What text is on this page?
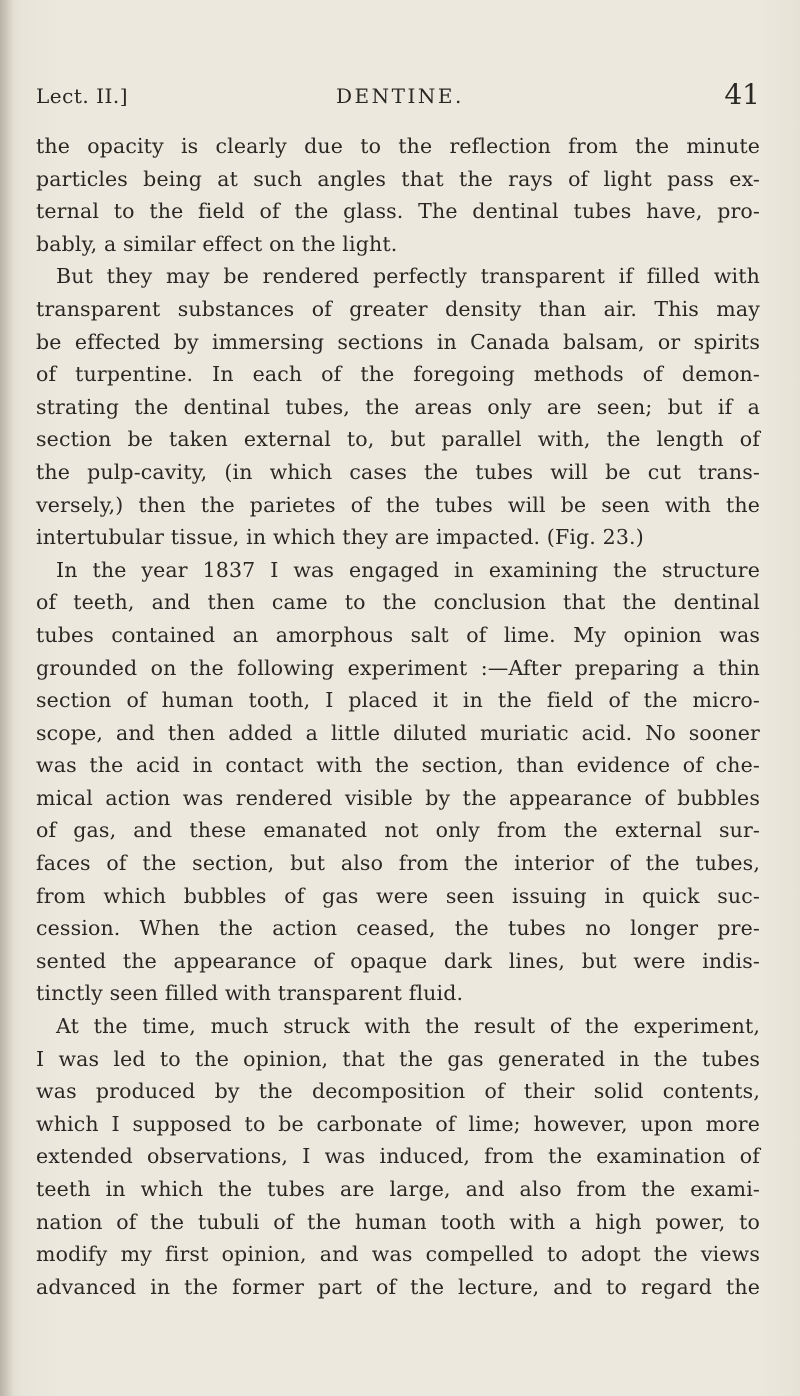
Lect. II.]	DENTINE.	41
the opacity is clearly due to the reflection from the minute
particles being at such angles that the rays of light pass ex-
ternal to the field of the glass. The dentinal tubes have, pro-
bably, a similar effect on the light.
But they may be rendered perfectly transparent if filled with
transparent substances of greater density than air. This may
be effected by immersing sections in Canada balsam, or spirits
of turpentine. In each of the foregoing methods of demon-
strating the dentinal tubes, the areas only are seen; but if a
section be taken external to, but parallel with, the length of
the pulp-cavity, (in which cases the tubes will be cut trans-
versely,) then the parietes of the tubes will be seen with the
intertubular tissue, in which they are impacted. (Fig. 23.)
In the year 1837 I was engaged in examining the structure
of teeth, and then came to the conclusion that the dentinal
tubes contained an amorphous salt of lime. My opinion was
grounded on the following experiment :—After preparing a thin
section of human tooth, I placed it in the field of the micro-
scope, and then added a little diluted muriatic acid. No sooner
was the acid in contact with the section, than evidence of che-
mical action was rendered visible by the appearance of bubbles
of gas, and these emanated not only from the external sur-
faces of the section, but also from the interior of the tubes,
from which bubbles of gas were seen issuing in quick suc-
cession. When the action ceased, the tubes no longer pre-
sented the appearance of opaque dark lines, but were indis-
tinctly seen filled with transparent fluid.
At the time, much struck with the result of the experiment,
I was led to the opinion, that the gas generated in the tubes
was produced by the decomposition of their solid contents,
which I supposed to be carbonate of lime; however, upon more
extended observations, I was induced, from the examination of
teeth in which the tubes are large, and also from the exami-
nation of the tubuli of the human tooth with a high power, to
modify my first opinion, and was compelled to adopt the views
advanced in the former part of the lecture, and to regard the
